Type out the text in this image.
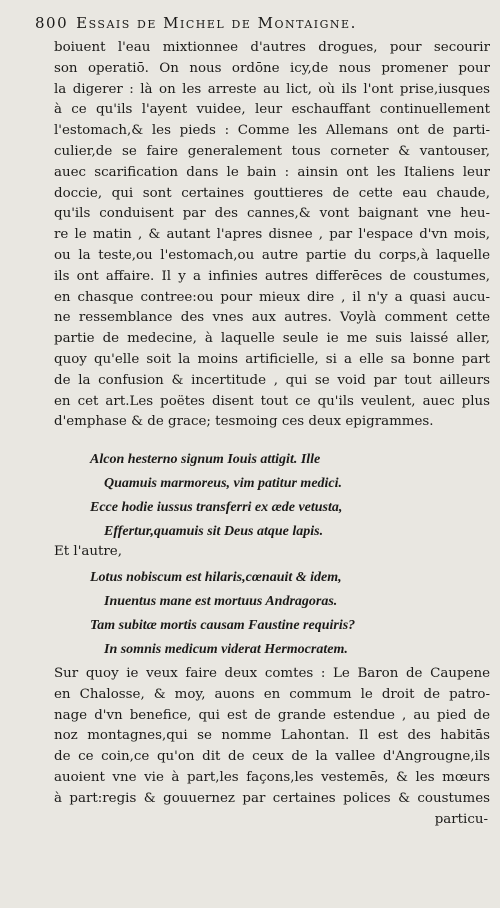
800 Essais de Michel de Montaigne.
boiuent l'eau mixtionnee d'autres drogues, pour secourir
son operatiō. On nous ordōne icy,de nous promener pour
la digerer : là on les arreste au lict, où ils l'ont prise,iusques
à ce qu'ils l'ayent vuidee, leur eschauffant continuellement
l'estomach,& les pieds : Comme les Allemans ont de parti-
culier,de se faire generalement tous corneter & vantouser,
auec scarification dans le bain : ainsin ont les Italiens leur
doccie, qui sont certaines gouttieres de cette eau chaude,
qu'ils conduisent par des cannes,& vont baignant vne heu-
re le matin , & autant l'apres disnee , par l'espace d'vn mois,
ou la teste,ou l'estomach,ou autre partie du corps,à laquelle
ils ont affaire. Il y a infinies autres differēces de coustumes,
en chasque contree:ou pour mieux dire , il n'y a quasi aucu-
ne ressemblance des vnes aux autres. Voylà comment cette
partie de medecine, à laquelle seule ie me suis laissé aller,
quoy qu'elle soit la moins artificielle, si a elle sa bonne part
de la confusion & incertitude , qui se void par tout ailleurs
en cet art.Les poëtes disent tout ce qu'ils veulent, auec plus
d'emphase & de grace; tesmoing ces deux epigrammes.
Alcon hesterno signum Iouis attigit. Ille
Quamuis marmoreus, vim patitur medici.
Ecce hodie iussus transferri ex æde vetusta,
Effertur,quamuis sit Deus atque lapis.
Et l'autre,
Lotus nobiscum est hilaris,cœnauit & idem,
Inuentus mane est mortuus Andragoras.
Tam subitæ mortis causam Faustine requiris?
In somnis medicum viderat Hermocratem.
Sur quoy ie veux faire deux comtes : Le Baron de Caupene
en Chalosse, & moy, auons en commum le droit de patro-
nage d'vn benefice, qui est de grande estendue , au pied de
noz montagnes,qui se nomme Lahontan. Il est des habitās
de ce coin,ce qu'on dit de ceux de la vallee d'Angrougne,ils
auoient vne vie à part,les façons,les vestemēs, & les mœurs
à part:regis & gouuernez par certaines polices & coustumes
particu-
